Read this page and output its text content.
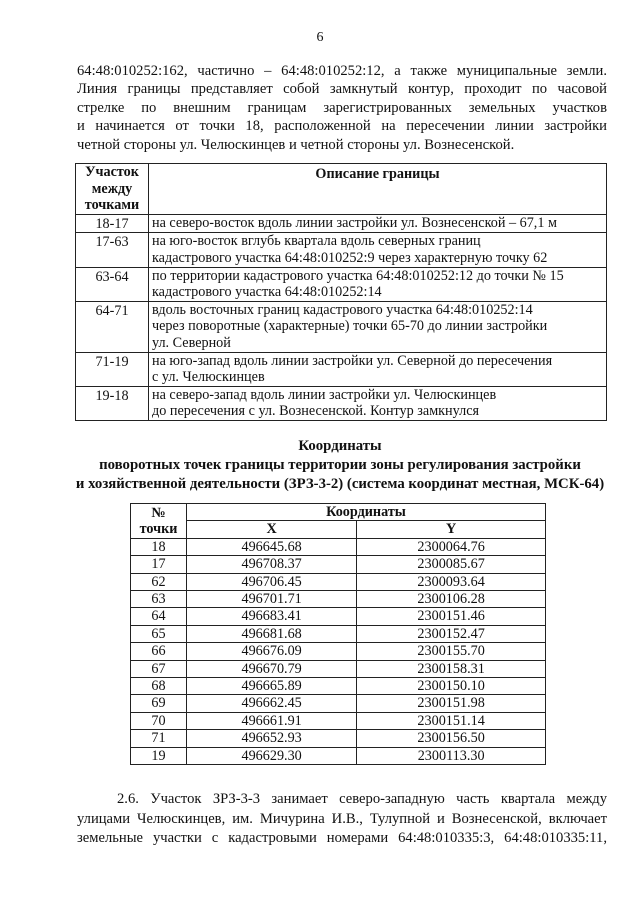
6
64:48:010252:162, частично – 64:48:010252:12, а также муниципальные земли.
Линия границы представляет собой замкнутый контур, проходит по часовой
стрелке по внешним границам зарегистрированных земельных участков
и начинается от точки 18, расположенной на пересечении линии застройки
четной стороны ул. Челюскинцев и четной стороны ул. Вознесенской.
Участок между точками	Описание границы
18-17	на северо-восток вдоль линии застройки ул. Вознесенской – 67,1 м

17-63	на юго-восток вглубь квартала вдоль северных границ
кадастрового участка 64:48:010252:9 через характерную точку 62

63-64	по территории кадастрового участка 64:48:010252:12 до точки № 15
кадастрового участка 64:48:010252:14

64-71	вдоль восточных границ кадастрового участка 64:48:010252:14
через поворотные (характерные) точки 65-70 до линии застройки
ул. Северной

71-19	на юго-запад вдоль линии застройки ул. Северной до пересечения
с ул. Челюскинцев

19-18	на северо-запад вдоль линии застройки ул. Челюскинцев
до пересечения с ул. Вознесенской. Контур замкнулся
Координаты
поворотных точек границы территории зоны регулирования застройки
и хозяйственной деятельности (ЗРЗ-3-2) (система координат местная, МСК-64)
№
точки	Координаты	
	X	Y
18	496645.68	2300064.76
17	496708.37	2300085.67
62	496706.45	2300093.64
63	496701.71	2300106.28
64	496683.41	2300151.46
65	496681.68	2300152.47
66	496676.09	2300155.70
67	496670.79	2300158.31
68	496665.89	2300150.10
69	496662.45	2300151.98
70	496661.91	2300151.14
71	496652.93	2300156.50
19	496629.30	2300113.30
2.6. Участок ЗРЗ-3-3 занимает северо-западную часть квартала между
улицами Челюскинцев, им. Мичурина И.В., Тулупной и Вознесенской, включает
земельные участки с кадастровыми номерами 64:48:010335:3, 64:48:010335:11,
